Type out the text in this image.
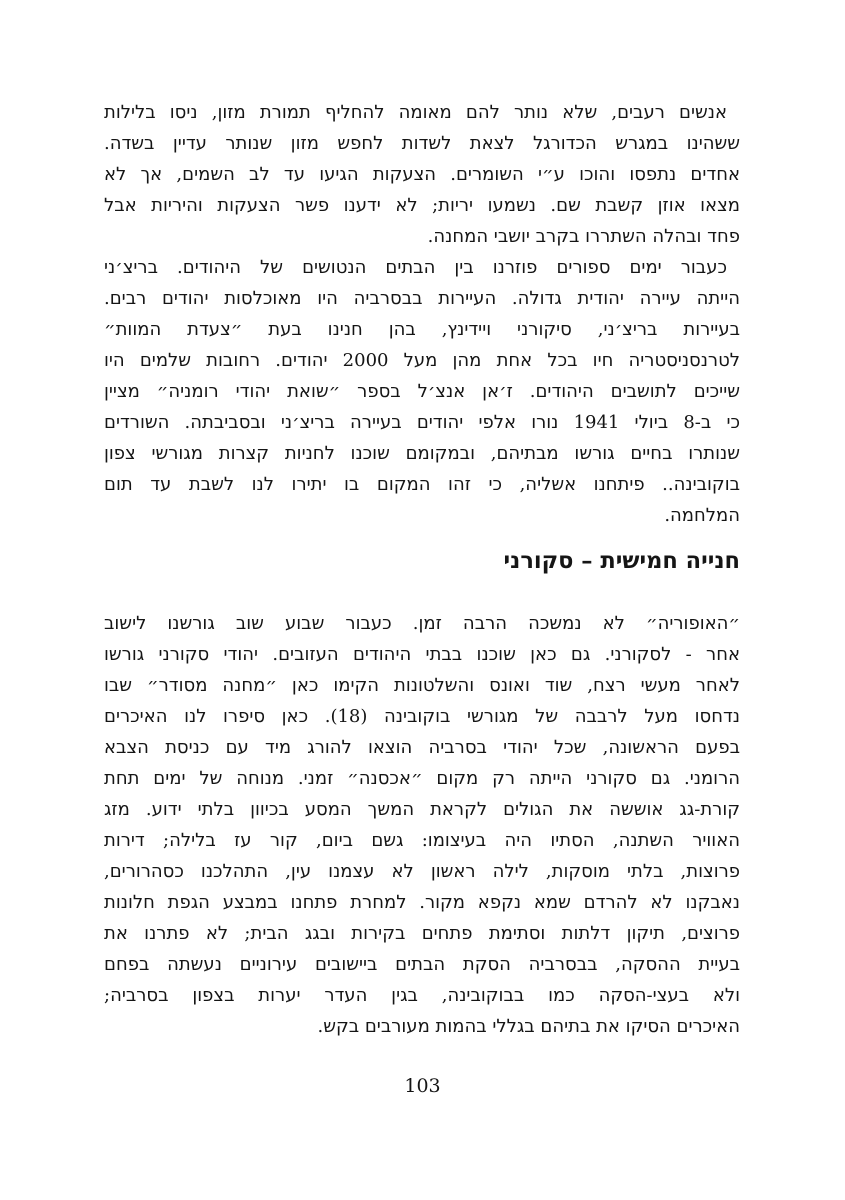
אנשים רעבים, שלא נותר להם מאומה להחליף תמורת מזון, ניסו בלילות
ששהינו במגרש הכדורגל לצאת לשדות לחפש מזון שנותר עדיין בשדה.
אחדים נתפסו והוכו ע״י השומרים. הצעקות הגיעו עד לב השמים, אך לא
מצאו אוזן קשבת שם. נשמעו יריות; לא ידענו פשר הצעקות והיריות אבל
פחד ובהלה השתררו בקרב יושבי המחנה.
כעבור ימים ספורים פוזרנו בין הבתים הנטושים של היהודים. בריצ׳ני
הייתה עיירה יהודית גדולה. העיירות בבסרביה היו מאוכלסות יהודים רבים.
בעיירות בריצ׳ני, סיקורני ויידינץ, בהן חנינו בעת ״צעדת המוות״
לטרנסניסטריה חיו בכל אחת מהן מעל 2000 יהודים. רחובות שלמים היו
שייכים לתושבים היהודים. ז׳אן אנצ׳ל בספר ״שואת יהודי רומניה״ מציין
כי ב-8 ביולי 1941 נורו אלפי יהודים בעיירה בריצ׳ני ובסביבתה. השורדים
שנותרו בחיים גורשו מבתיהם, ובמקומם שוכנו לחניות קצרות מגורשי צפון
בוקובינה.. פיתחנו אשליה, כי זהו המקום בו יתירו לנו לשבת עד תום
המלחמה.
חנייה חמישית – סקורני
״האופוריה״ לא נמשכה הרבה זמן. כעבור שבוע שוב גורשנו לישוב
אחר - לסקורני. גם כאן שוכנו בבתי היהודים העזובים. יהודי סקורני גורשו
לאחר מעשי רצח, שוד ואונס והשלטונות הקימו כאן ״מחנה מסודר״ שבו
נדחסו מעל לרבבה של מגורשי בוקובינה (18). כאן סיפרו לנו האיכרים
בפעם הראשונה, שכל יהודי בסרביה הוצאו להורג מיד עם כניסת הצבא
הרומני. גם סקורני הייתה רק מקום ״אכסנה״ זמני. מנוחה של ימים תחת
קורת-גג אוששה את הגולים לקראת המשך המסע בכיוון בלתי ידוע. מזג
האוויר השתנה, הסתיו היה בעיצומו: גשם ביום, קור עז בלילה; דירות
פרוצות, בלתי מוסקות, לילה ראשון לא עצמנו עין, התהלכנו כסהרורים,
נאבקנו לא להרדם שמא נקפא מקור. למחרת פתחנו במבצע הגפת חלונות
פרוצים, תיקון דלתות וסתימת פתחים בקירות ובגג הבית; לא פתרנו את
בעיית ההסקה, בבסרביה הסקת הבתים ביישובים עירוניים נעשתה בפחם
ולא בעצי-הסקה כמו בבוקובינה, בגין העדר יערות בצפון בסרביה;
האיכרים הסיקו את בתיהם בגללי בהמות מעורבים בקש.
103
